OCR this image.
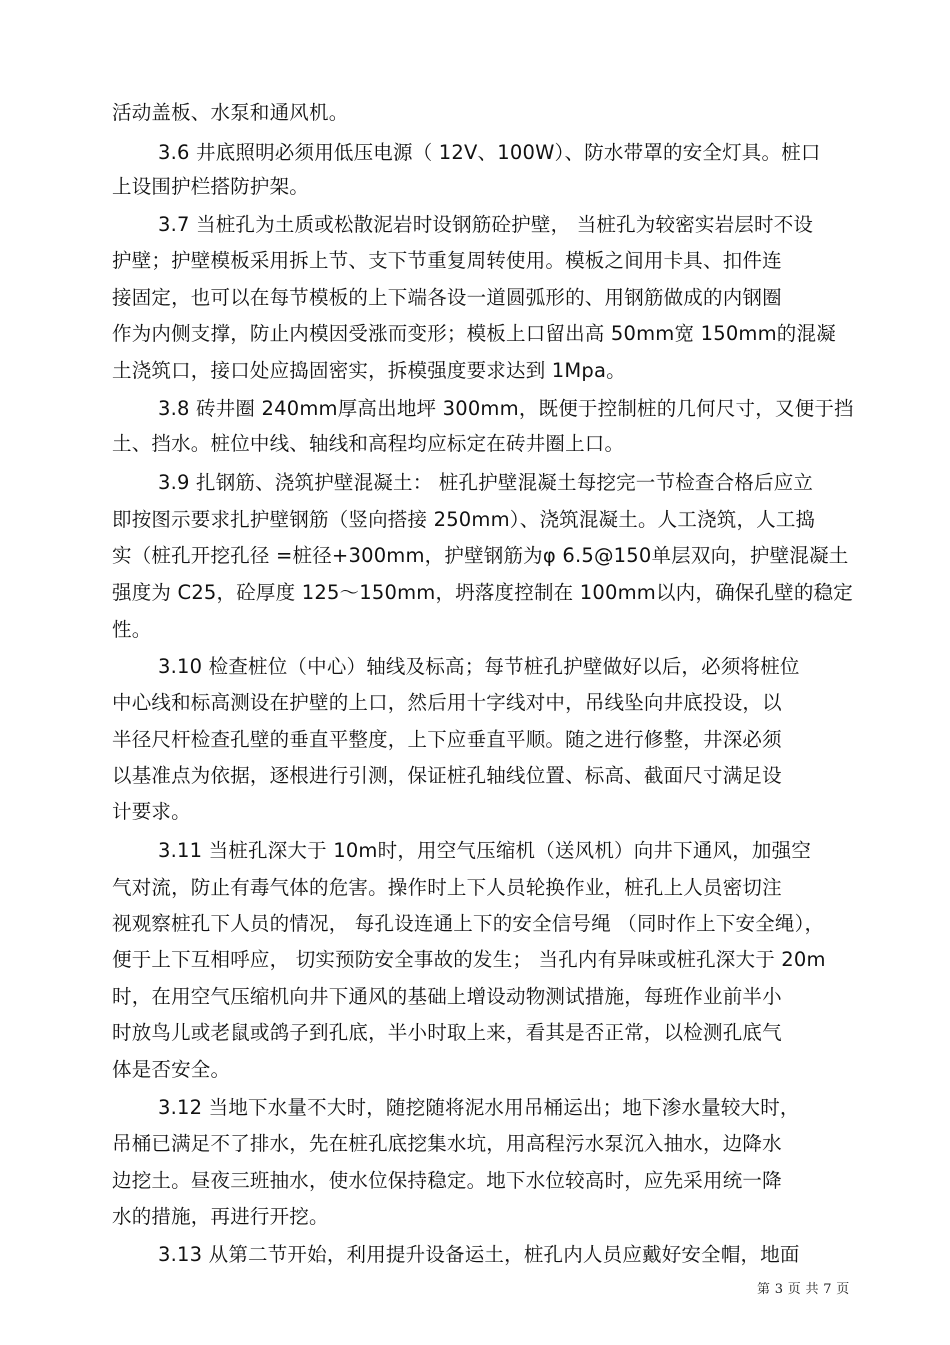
活动盖板、水泵和通风机。
3.6 井底照明必须用低压电源（ 12V、100W）、防水带罩的安全灯具。桩口
上设围护栏搭防护架。
3.7 当桩孔为土质或松散泥岩时设钢筋砼护壁， 当桩孔为较密实岩层时不设
护壁；护壁模板采用拆上节、支下节重复周转使用。模板之间用卡具、扣件连
接固定，也可以在每节模板的上下端各设一道圆弧形的、用钢筋做成的内钢圈
作为内侧支撑，防止内模因受涨而变形；模板上口留出高 50mm宽 150mm的混凝
土浇筑口，接口处应捣固密实，拆模强度要求达到 1Mpa。
3.8 砖井圈 240mm厚高出地坪 300mm，既便于控制桩的几何尺寸，又便于挡
土、挡水。桩位中线、轴线和高程均应标定在砖井圈上口。
3.9 扎钢筋、浇筑护壁混凝土： 桩孔护壁混凝土每挖完一节检查合格后应立
即按图示要求扎护壁钢筋（竖向搭接 250mm）、浇筑混凝土。人工浇筑，人工捣
实（桩孔开挖孔径 =桩径+300mm，护壁钢筋为φ 6.5@150单层双向，护壁混凝土
强度为 C25，砼厚度 125～150mm，坍落度控制在 100mm以内，确保孔壁的稳定
性。
3.10 检查桩位（中心）轴线及标高；每节桩孔护壁做好以后，必须将桩位
中心线和标高测设在护壁的上口，然后用十字线对中，吊线坠向井底投设，以
半径尺杆检查孔壁的垂直平整度，上下应垂直平顺。随之进行修整，井深必须
以基准点为依据，逐根进行引测，保证桩孔轴线位置、标高、截面尺寸满足设
计要求。
3.11 当桩孔深大于 10m时，用空气压缩机（送风机）向井下通风，加强空
气对流，防止有毒气体的危害。操作时上下人员轮换作业，桩孔上人员密切注
视观察桩孔下人员的情况， 每孔设连通上下的安全信号绳 （同时作上下安全绳），
便于上下互相呼应， 切实预防安全事故的发生； 当孔内有异味或桩孔深大于 20m
时，在用空气压缩机向井下通风的基础上增设动物测试措施，每班作业前半小
时放鸟儿或老鼠或鸽子到孔底，半小时取上来，看其是否正常，以检测孔底气
体是否安全。
3.12 当地下水量不大时，随挖随将泥水用吊桶运出；地下渗水量较大时，
吊桶已满足不了排水，先在桩孔底挖集水坑，用高程污水泵沉入抽水，边降水
边挖土。昼夜三班抽水，使水位保持稳定。地下水位较高时，应先采用统一降
水的措施，再进行开挖。
3.13 从第二节开始，利用提升设备运土，桩孔内人员应戴好安全帽，地面
第 3 页 共 7 页
